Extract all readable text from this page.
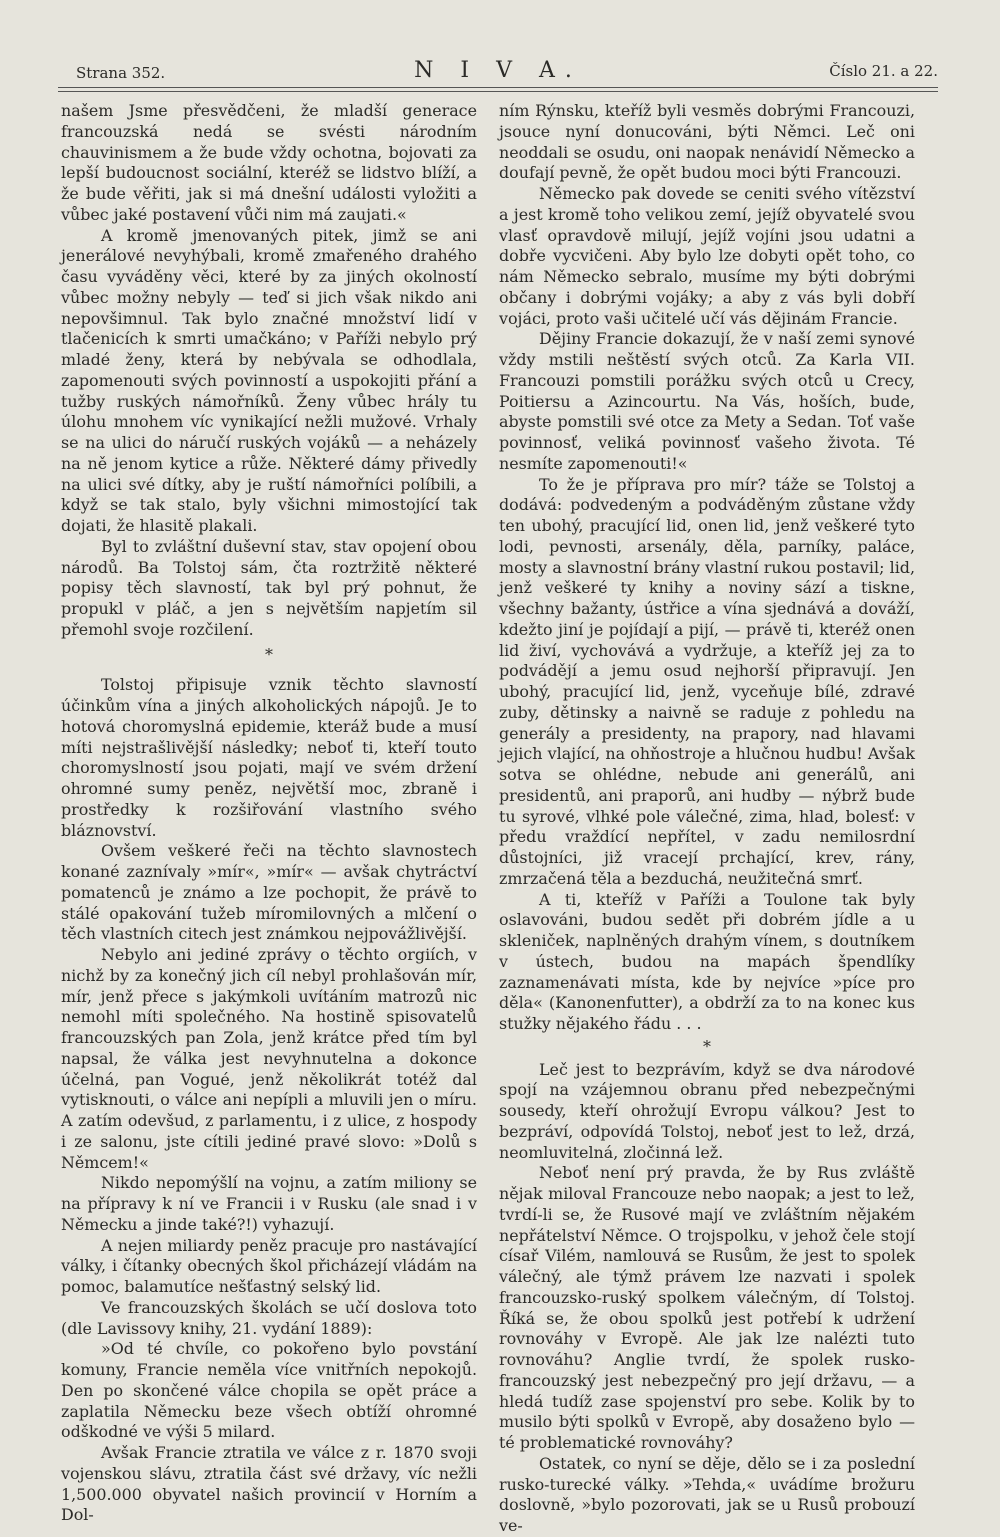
Strana 352.	N I V A.	Číslo 21. a 22.

našem Jsme přesvědčeni, že mladší generace francouzská nedá se svésti národním chauvinismem a že bude vždy ochotna, bojovati za lepší budoucnost sociální, kteréž se lidstvo blíží, a že bude věřiti, jak si má dnešní události vyložiti a vůbec jaké postavení vůči nim má zaujati.«

A kromě jmenovaných pitek, jimž se ani jenerálové nevyhýbali, kromě zmařeného drahého času vyváděny věci, které by za jiných okolností vůbec možny nebyly — teď si jich však nikdo ani nepovšimnul. Tak bylo značné množství lidí v tlačenicích k smrti umačkáno; v Paříži nebylo prý mladé ženy, která by nebývala se odhodlala, zapomenouti svých povinností a uspokojiti přání a tužby ruských námořníků. Ženy vůbec hrály tu úlohu mnohem víc vynikající nežli mužové. Vrhaly se na ulici do náručí ruských vojáků — a neházely na ně jenom kytice a růže. Některé dámy přivedly na ulici své dítky, aby je ruští námořníci políbili, a když se tak stalo, byly všichni mimostojící tak dojati, že hlasitě plakali.

Byl to zvláštní duševní stav, stav opojení obou národů. Ba Tolstoj sám, čta roztržitě některé popisy těch slavností, tak byl prý pohnut, že propukl v pláč, a jen s největším napjetím sil přemohl svoje rozčilení.

*

Tolstoj připisuje vznik těchto slavností účinkům vína a jiných alkoholických nápojů. Je to hotová choromyslná epidemie, kteráž bude a musí míti nejstrašlivější následky; neboť ti, kteří touto choromyslností jsou pojati, mají ve svém držení ohromné sumy peněz, největší moc, zbraně i prostředky k rozšiřování vlastního svého bláznovství.

Ovšem veškeré řeči na těchto slavnostech konané zaznívaly »mír«, »mír« — avšak chytráctví pomatenců je známo a lze pochopit, že právě to stálé opakování tužeb míromilovných a mlčení o těch vlastních citech jest známkou nejpovážlivější.

Nebylo ani jediné zprávy o těchto orgiích, v nichž by za konečný jich cíl nebyl prohlašován mír, mír, jenž přece s jakýmkoli uvítáním matrozů nic nemohl míti společného. Na hostině spisovatelů francouzských pan Zola, jenž krátce před tím byl napsal, že válka jest nevyhnutelna a dokonce účelná, pan Vogué, jenž několikrát totéž dal vytisknouti, o válce ani nepípli a mluvili jen o míru. A zatím odevšud, z parlamentu, i z ulice, z hospody i ze salonu, jste cítili jediné pravé slovo: »Dolů s Němcem!«

Nikdo nepomýšlí na vojnu, a zatím miliony se na přípravy k ní ve Francii i v Rusku (ale snad i v Německu a jinde také?!) vyhazují.

A nejen miliardy peněz pracuje pro nastávající války, i čítanky obecných škol přicházejí vládám na pomoc, balamutíce nešťastný selský lid.

Ve francouzských školách se učí doslova toto (dle Lavissovy knihy, 21. vydání 1889):

»Od té chvíle, co pokořeno bylo povstání komuny, Francie neměla více vnitřních nepokojů. Den po skončené válce chopila se opět práce a zaplatila Německu beze všech obtíží ohromné odškodné ve výši 5 milard.

Avšak Francie ztratila ve válce z r. 1870 svoji vojenskou slávu, ztratila část své državy, víc nežli 1,500.000 obyvatel našich provincií v Horním a Dol-

ním Rýnsku, kteříž byli vesměs dobrými Francouzi, jsouce nyní donucováni, býti Němci. Leč oni neoddali se osudu, oni naopak nenávidí Německo a doufají pevně, že opět budou moci býti Francouzi.

Německo pak dovede se ceniti svého vítězství a jest kromě toho velikou zemí, jejíž obyvatelé svou vlasť opravdově milují, jejíž vojíni jsou udatni a dobře vycvičeni. Aby bylo lze dobyti opět toho, co nám Německo sebralo, musíme my býti dobrými občany i dobrými vojáky; a aby z vás byli dobří vojáci, proto vaši učitelé učí vás dějinám Francie.

Dějiny Francie dokazují, že v naší zemi synové vždy mstili neštěstí svých otců. Za Karla VII. Francouzi pomstili porážku svých otců u Crecy, Poitiersu a Azincourtu. Na Vás, hoších, bude, abyste pomstili své otce za Mety a Sedan. Toť vaše povinnosť, veliká povinnosť vašeho života. Té nesmíte zapomenouti!«

To že je příprava pro mír? táže se Tolstoj a dodává: podvedeným a podváděným zůstane vždy ten ubohý, pracující lid, onen lid, jenž veškeré tyto lodi, pevnosti, arsenály, děla, parníky, paláce, mosty a slavnostní brány vlastní rukou postavil; lid, jenž veškeré ty knihy a noviny sází a tiskne, všechny bažanty, ústřice a vína sjednává a dováží, kdežto jiní je pojídají a pijí, — právě ti, kteréž onen lid živí, vychovává a vydržuje, a kteříž jej za to podvádějí a jemu osud nejhorší připravují. Jen ubohý, pracující lid, jenž, vyceňuje bílé, zdravé zuby, dětinsky a naivně se raduje z pohledu na generály a presidenty, na prapory, nad hlavami jejich vlající, na ohňostroje a hlučnou hudbu! Avšak sotva se ohlédne, nebude ani generálů, ani presidentů, ani praporů, ani hudby — nýbrž bude tu syrové, vlhké pole válečné, zima, hlad, bolesť: v předu vraždící nepřítel, v zadu nemilosrdní důstojníci, již vracejí prchající, krev, rány, zmrzačená těla a bezduchá, neužitečná smrť.

A ti, kteříž v Paříži a Toulone tak byly oslavováni, budou sedět při dobrém jídle a u skleniček, naplněných drahým vínem, s doutníkem v ústech, budou na mapách špendlíky zaznamenávati místa, kde by nejvíce »píce pro děla« (Kanonenfutter), a obdrží za to na konec kus stužky nějakého řádu . . .

*

Leč jest to bezprávím, když se dva národové spojí na vzájemnou obranu před nebezpečnými sousedy, kteří ohrožují Evropu válkou? Jest to bezpráví, odpovídá Tolstoj, neboť jest to lež, drzá, neomluvitelná, zločinná lež.

Neboť není prý pravda, že by Rus zvláště nějak miloval Francouze nebo naopak; a jest to lež, tvrdí-li se, že Rusové mají ve zvláštním nějakém nepřátelství Němce. O trojspolku, v jehož čele stojí císař Vilém, namlouvá se Rusům, že jest to spolek válečný, ale týmž právem lze nazvati i spolek francouzsko-ruský spolkem válečným, dí Tolstoj. Říká se, že obou spolků jest potřebí k udržení rovnováhy v Evropě. Ale jak lze nalézti tuto rovnováhu? Anglie tvrdí, že spolek rusko-francouzský jest nebezpečný pro její državu, — a hledá tudíž zase spojenství pro sebe. Kolik by to musilo býti spolků v Evropě, aby dosaženo bylo — té problematické rovnováhy?

Ostatek, co nyní se děje, dělo se i za poslední rusko-turecké války. »Tehda,« uvádíme brožuru doslovně, »bylo pozorovati, jak se u Rusů probouzí ve-
